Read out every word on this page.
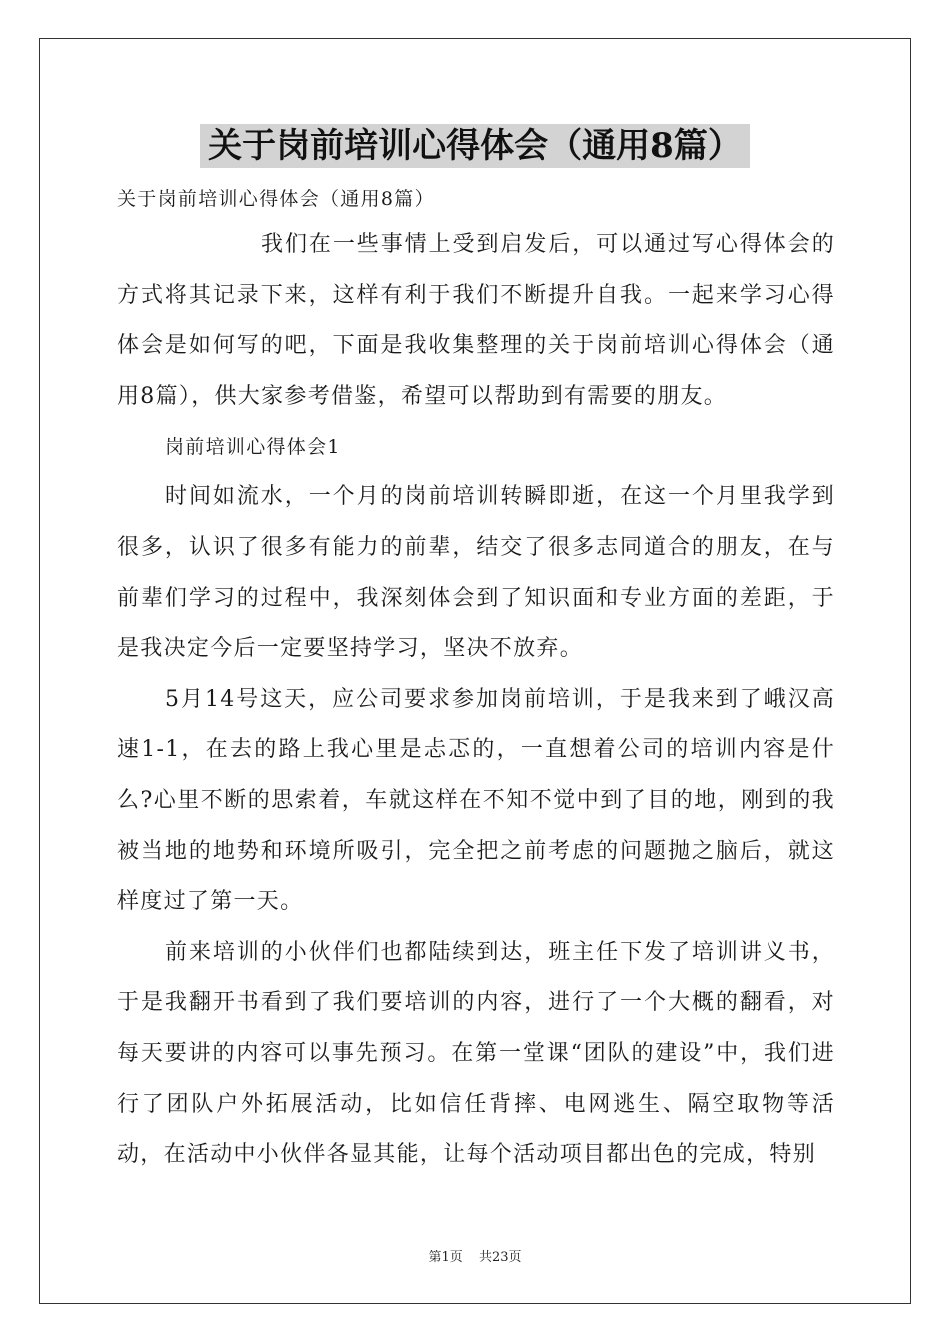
关于岗前培训心得体会（通用8篇）

关于岗前培训心得体会（通用8篇）

我们在一些事情上受到启发后，可以通过写心得体会的方式将其记录下来，这样有利于我们不断提升自我。一起来学习心得体会是如何写的吧，下面是我收集整理的关于岗前培训心得体会（通用8篇），供大家参考借鉴，希望可以帮助到有需要的朋友。

岗前培训心得体会1

时间如流水，一个月的岗前培训转瞬即逝，在这一个月里我学到很多，认识了很多有能力的前辈，结交了很多志同道合的朋友，在与前辈们学习的过程中，我深刻体会到了知识面和专业方面的差距，于是我决定今后一定要坚持学习，坚决不放弃。

5月14号这天，应公司要求参加岗前培训，于是我来到了峨汉高速1-1，在去的路上我心里是忐忑的，一直想着公司的培训内容是什么?心里不断的思索着，车就这样在不知不觉中到了目的地，刚到的我被当地的地势和环境所吸引，完全把之前考虑的问题抛之脑后，就这样度过了第一天。

前来培训的小伙伴们也都陆续到达，班主任下发了培训讲义书，于是我翻开书看到了我们要培训的内容，进行了一个大概的翻看，对每天要讲的内容可以事先预习。在第一堂课“团队的建设”中，我们进行了团队户外拓展活动，比如信任背摔、电网逃生、隔空取物等活动，在活动中小伙伴各显其能，让每个活动项目都出色的完成，特别

第1页 共23页
